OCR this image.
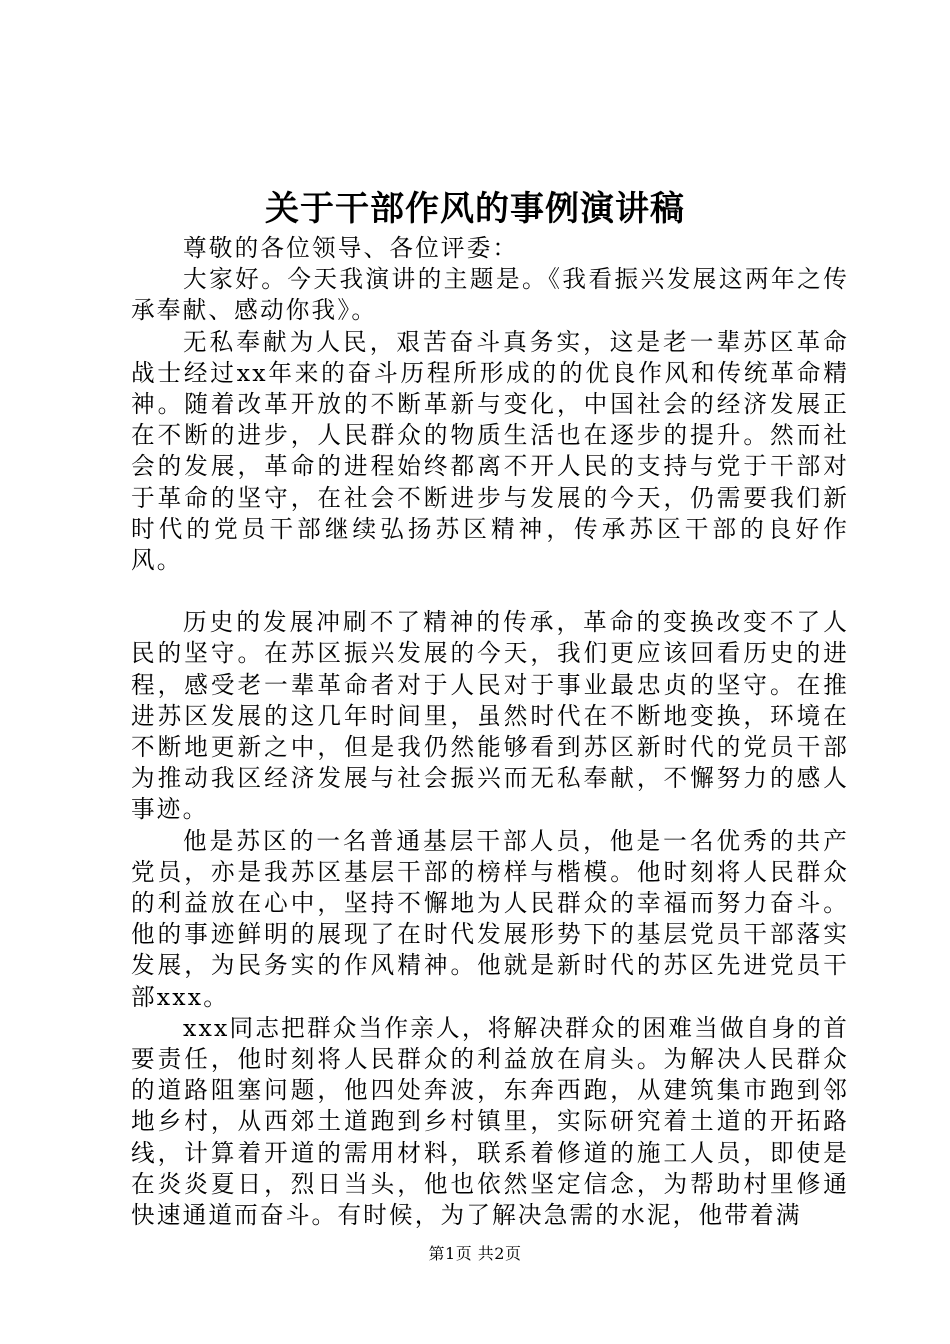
关于干部作风的事例演讲稿

尊敬的各位领导、各位评委：

大家好。今天我演讲的主题是。《我看振兴发展这两年之传承奉献、感动你我》。

无私奉献为人民，艰苦奋斗真务实，这是老一辈苏区革命战士经过xx年来的奋斗历程所形成的的优良作风和传统革命精神。随着改革开放的不断革新与变化，中国社会的经济发展正在不断的进步，人民群众的物质生活也在逐步的提升。然而社会的发展，革命的进程始终都离不开人民的支持与党于干部对于革命的坚守，在社会不断进步与发展的今天，仍需要我们新时代的党员干部继续弘扬苏区精神，传承苏区干部的良好作风。

历史的发展冲刷不了精神的传承，革命的变换改变不了人民的坚守。在苏区振兴发展的今天，我们更应该回看历史的进程，感受老一辈革命者对于人民对于事业最忠贞的坚守。在推进苏区发展的这几年时间里，虽然时代在不断地变换，环境在不断地更新之中，但是我仍然能够看到苏区新时代的党员干部为推动我区经济发展与社会振兴而无私奉献，不懈努力的感人事迹。

他是苏区的一名普通基层干部人员，他是一名优秀的共产党员，亦是我苏区基层干部的榜样与楷模。他时刻将人民群众的利益放在心中，坚持不懈地为人民群众的幸福而努力奋斗。他的事迹鲜明的展现了在时代发展形势下的基层党员干部落实发展，为民务实的作风精神。他就是新时代的苏区先进党员干部xxx。

xxx同志把群众当作亲人，将解决群众的困难当做自身的首要责任，他时刻将人民群众的利益放在肩头。为解决人民群众的道路阻塞问题，他四处奔波，东奔西跑，从建筑集市跑到邻地乡村，从西郊土道跑到乡村镇里，实际研究着土道的开拓路线，计算着开道的需用材料，联系着修道的施工人员，即使是在炎炎夏日，烈日当头，他也依然坚定信念，为帮助村里修通快速通道而奋斗。有时候，为了解决急需的水泥，他带着满

第1页 共2页
